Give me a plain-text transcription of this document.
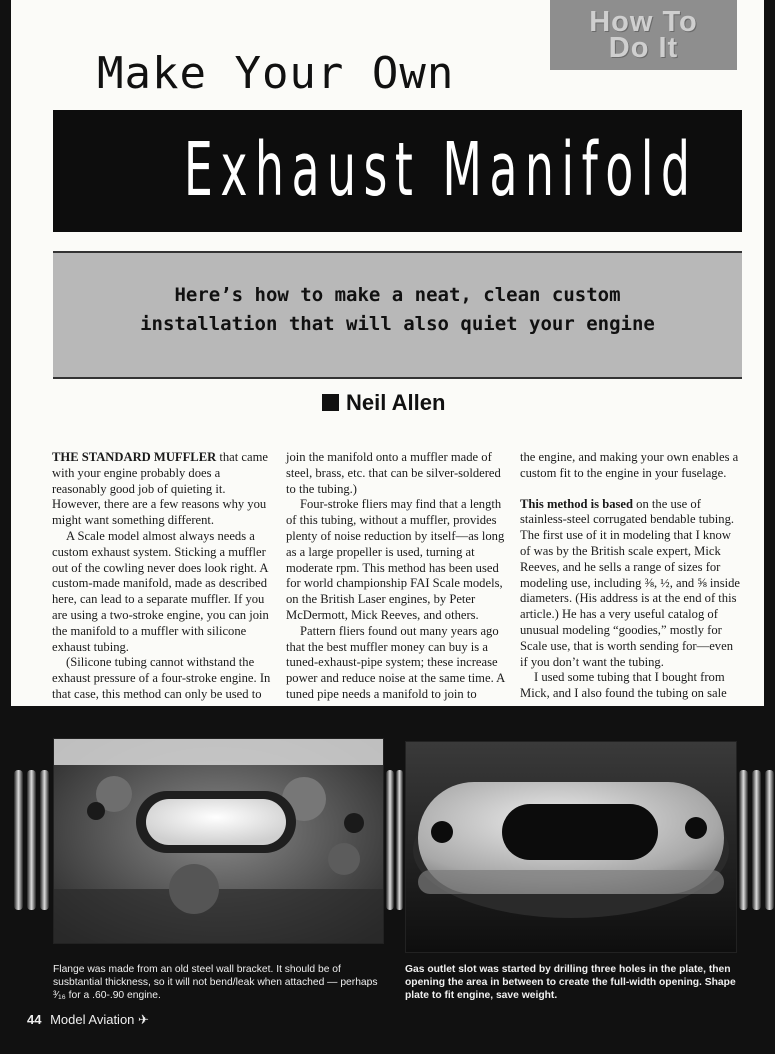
How To
Do It
Make Your Own
Exhaust Manifold
Here’s how to make a neat, clean custom
installation that will also quiet your engine
Neil Allen

THE STANDARD MUFFLER that came with your engine probably does a reasonably good job of quieting it. However, there are a few reasons why you might want something different.

A Scale model almost always needs a custom exhaust system. Sticking a muffler out of the cowling never does look right. A custom-made manifold, made as described here, can lead to a separate muffler. If you are using a two-stroke engine, you can join the manifold to a muffler with silicone exhaust tubing.

(Silicone tubing cannot withstand the exhaust pressure of a four-stroke engine. In that case, this method can only be used to

join the manifold onto a muffler made of steel, brass, etc. that can be silver-soldered to the tubing.)

Four-stroke fliers may find that a length of this tubing, without a muffler, provides plenty of noise reduction by itself—as long as a large propeller is used, turning at moderate rpm. This method has been used for world championship FAI Scale models, on the British Laser engines, by Peter McDermott, Mick Reeves, and others.

Pattern fliers found out many years ago that the best muffler money can buy is a tuned-exhaust-pipe system; these increase power and reduce noise at the same time. A tuned pipe needs a manifold to join to

the engine, and making your own enables a custom fit to the engine in your fuselage.

This method is based on the use of stainless-steel corrugated bendable tubing. The first use of it in modeling that I know of was by the British scale expert, Mick Reeves, and he sells a range of sizes for modeling use, including ⅜, ½, and ⅝ inside diameters. (His address is at the end of this article.) He has a very useful catalog of unusual modeling “goodies,” mostly for Scale use, that is worth sending for—even if you don’t want the tubing.

I used some tubing that I bought from Mick, and I also found the tubing on sale

Flange was made from an old steel wall bracket. It should be of susbtantial thickness, so it will not bend/leak when attached — perhaps ³⁄₁₆ for a .60-.90 engine.
Gas outlet slot was started by drilling three holes in the plate, then opening the area in between to create the full-width opening. Shape plate to fit engine, save weight.
44 Model Aviation ✈
